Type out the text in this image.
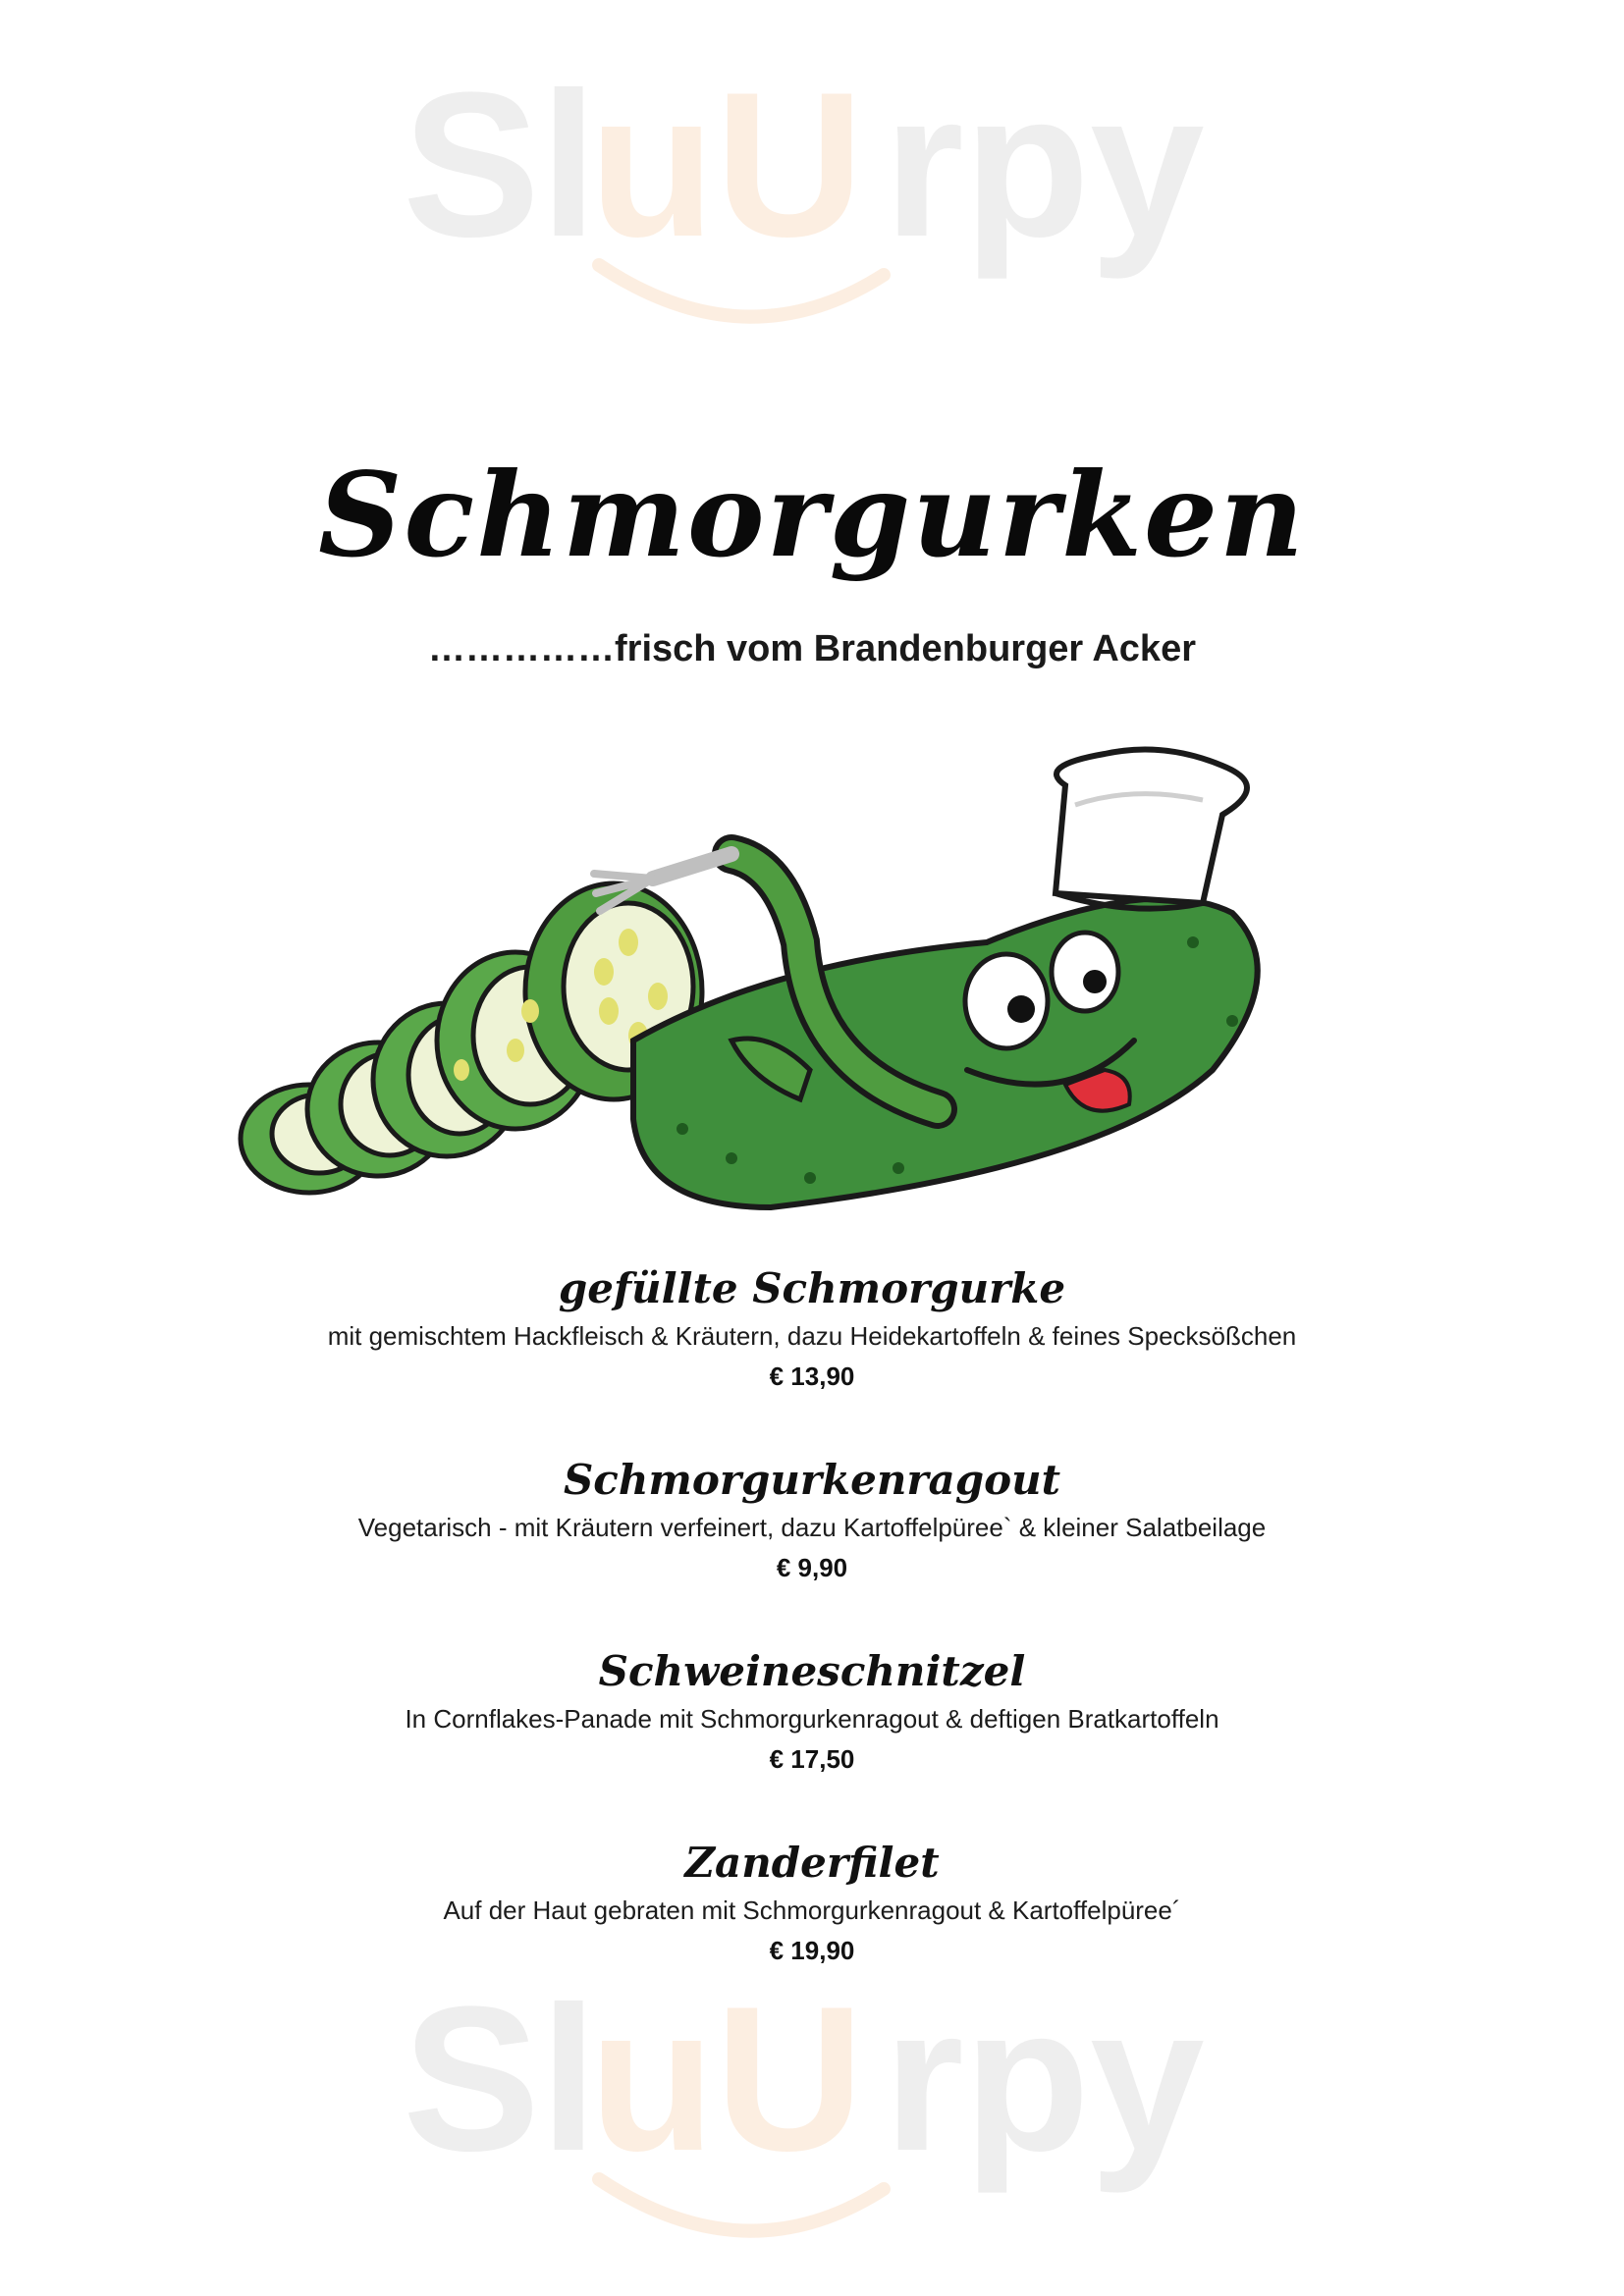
Sl
uU rpy
Sl
uU rpy
Schmorgurken
……………frisch vom Brandenburger Acker
gefüllte Schmorgurke
mit gemischtem Hackfleisch & Kräutern, dazu Heidekartoffeln & feines Specksößchen
€ 13,90
Schmorgurkenragout
Vegetarisch - mit Kräutern verfeinert, dazu Kartoffelpüree` & kleiner Salatbeilage
€ 9,90
Schweineschnitzel
In Cornflakes-Panade mit Schmorgurkenragout & deftigen Bratkartoffeln
€ 17,50
Zanderfilet
Auf der Haut gebraten mit Schmorgurkenragout & Kartoffelpüree´
€ 19,90
